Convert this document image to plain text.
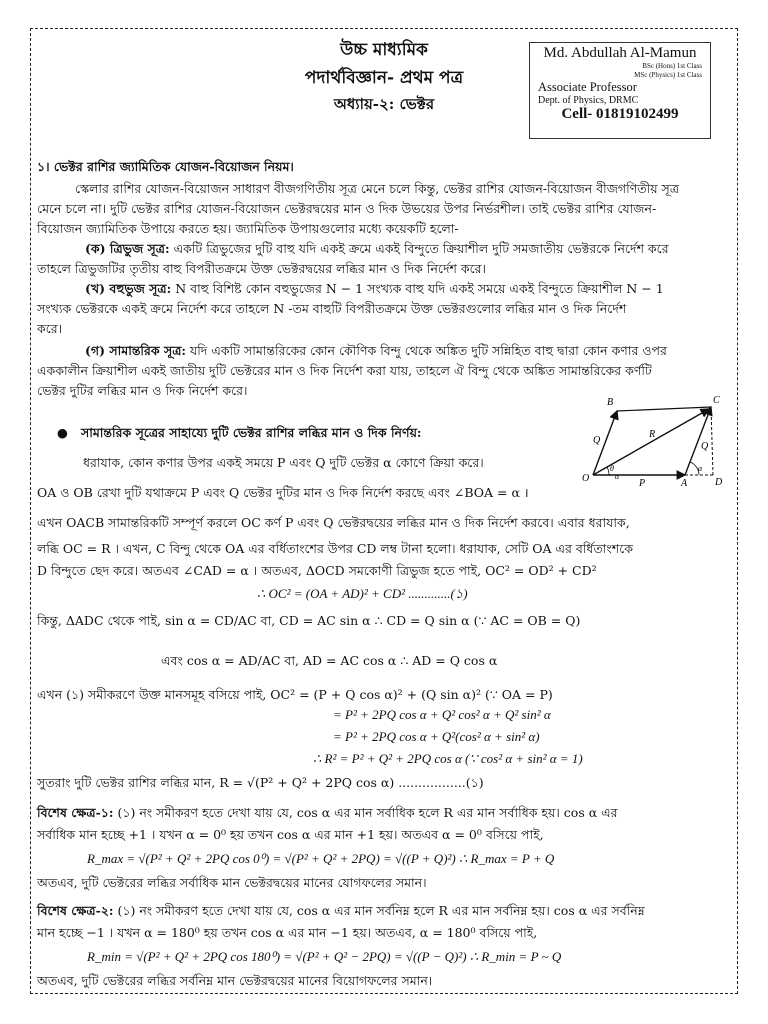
উচ্চ মাধ্যমিক
পদার্থবিজ্ঞান- প্রথম পত্র
অধ্যায়-২: ভেক্টর
Md. Abdullah Al-Mamun
BSc (Hons) 1st Class
MSc (Physics) 1st Class
Associate Professor
Dept. of Physics, DRMC
Cell- 01819102499
১। ভেক্টর রাশির জ্যামিতিক যোজন-বিয়োজন নিয়ম।
স্কেলার রাশির যোজন-বিয়োজন সাধারণ বীজগণিতীয় সূত্র মেনে চলে কিন্তু, ভেক্টর রাশির যোজন-বিয়োজন বীজগণিতীয় সূত্র
মেনে চলে না। দুটি ভেক্টর রাশির যোজন-বিয়োজন ভেক্টরদ্বয়ের মান ও দিক উভয়ের উপর নির্ভরশীল। তাই ভেক্টর রাশির যোজন-
বিয়োজন জ্যামিতিক উপায়ে করতে হয়। জ্যামিতিক উপায়গুলোর মধ্যে কয়েকটি হলো-
(ক) ত্রিভুজ সূত্র: একটি ত্রিভুজের দুটি বাহু যদি একই ক্রমে একই বিন্দুতে ক্রিয়াশীল দুটি সমজাতীয় ভেক্টরকে নির্দেশ করে
তাহলে ত্রিভুজটির তৃতীয় বাহু বিপরীতক্রমে উক্ত ভেক্টরদ্বয়ের লব্ধির মান ও দিক নির্দেশ করে।
(খ) বহুভুজ সূত্র: N বাহু বিশিষ্ট কোন বহুভুজের N − 1 সংখ্যক বাহু যদি একই সময়ে একই বিন্দুতে ক্রিয়াশীল N − 1
সংখ্যক ভেক্টরকে একই ক্রমে নির্দেশ করে তাহলে N -তম বাহুটি বিপরীতক্রমে উক্ত ভেক্টরগুলোর লব্ধির মান ও দিক নির্দেশ
করে।
(গ) সামান্তরিক সূত্র: যদি একটি সামান্তরিকের কোন কৌণিক বিন্দু থেকে অঙ্কিত দুটি সন্নিহিত বাহু দ্বারা কোন কণার ওপর
এককালীন ক্রিয়াশীল একই জাতীয় দুটি ভেক্টরের মান ও দিক নির্দেশ করা যায়, তাহলে ঐ বিন্দু থেকে অঙ্কিত সামান্তরিকের কর্ণটি
ভেক্টর দুটির লব্ধির মান ও দিক নির্দেশ করে।
B	C
Q
R
Q
O
θ
α
A
α
D
P
●   সামান্তরিক সূত্রের সাহায্যে দুটি ভেক্টর রাশির লব্ধির মান ও দিক নির্ণয়:
ধরাযাক, কোন কণার উপর একই সময়ে P এবং Q দুটি ভেক্টর α কোণে ক্রিয়া করে।
OA ও OB রেখা দুটি যথাক্রমে P এবং Q ভেক্টর দুটির মান ও দিক নির্দেশ করছে এবং ∠BOA = α ।
এখন OACB সামান্তরিকটি সম্পূর্ণ করলে OC কর্ণ P এবং Q ভেক্টরদ্বয়ের লব্ধির মান ও দিক নির্দেশ করবে। এবার ধরাযাক,
লব্ধি OC = R । এখন, C বিন্দু থেকে OA এর বর্ধিতাংশের উপর CD লম্ব টানা হলো। ধরাযাক, সেটি OA এর বর্ধিতাংশকে
D বিন্দুতে ছেদ করে। অতএব ∠CAD = α । অতএব, ΔOCD সমকোণী ত্রিভুজ হতে পাই, OC² = OD² + CD²
∴ OC² = (OA + AD)² + CD² .............(১)
কিন্তু, ΔADC থেকে পাই, sin α = CD/AC বা, CD = AC sin α ∴ CD = Q sin α (∵ AC = OB = Q)
এবং cos α = AD/AC বা, AD = AC cos α ∴ AD = Q cos α
এখন (১) সমীকরণে উক্ত মানসমূহ বসিয়ে পাই, OC² = (P + Q cos α)² + (Q sin α)² (∵ OA = P)
= P² + 2PQ cos α + Q² cos² α + Q² sin² α
= P² + 2PQ cos α + Q²(cos² α + sin² α)
∴ R² = P² + Q² + 2PQ cos α (∵ cos² α + sin² α = 1)
সুতরাং দুটি ভেক্টর রাশির লব্ধির মান, R = √(P² + Q² + 2PQ cos α) .................(১)
বিশেষ ক্ষেত্র-১: (১) নং সমীকরণ হতে দেখা যায় যে, cos α এর মান সর্বাধিক হলে R এর মান সর্বাধিক হয়। cos α এর
সর্বাধিক মান হচ্ছে +1 । যখন α = 0⁰ হয় তখন cos α এর মান +1 হয়। অতএব α = 0⁰ বসিয়ে পাই,
R_max = √(P² + Q² + 2PQ cos 0⁰) = √(P² + Q² + 2PQ) = √((P + Q)²) ∴ R_max = P + Q
অতএব, দুটি ভেক্টরের লব্ধির সর্বাধিক মান ভেক্টরদ্বয়ের মানের যোগফলের সমান।
বিশেষ ক্ষেত্র-২: (১) নং সমীকরণ হতে দেখা যায় যে, cos α এর মান সর্বনিম্ন হলে R এর মান সর্বনিম্ন হয়। cos α এর সর্বনিম্ন
মান হচ্ছে −1 । যখন α = 180⁰ হয় তখন cos α এর মান −1 হয়। অতএব, α = 180⁰ বসিয়ে পাই,
R_min = √(P² + Q² + 2PQ cos 180⁰) = √(P² + Q² − 2PQ) = √((P − Q)²) ∴ R_min = P ~ Q
অতএব, দুটি ভেক্টরের লব্ধির সর্বনিম্ন মান ভেক্টরদ্বয়ের মানের বিয়োগফলের সমান।
